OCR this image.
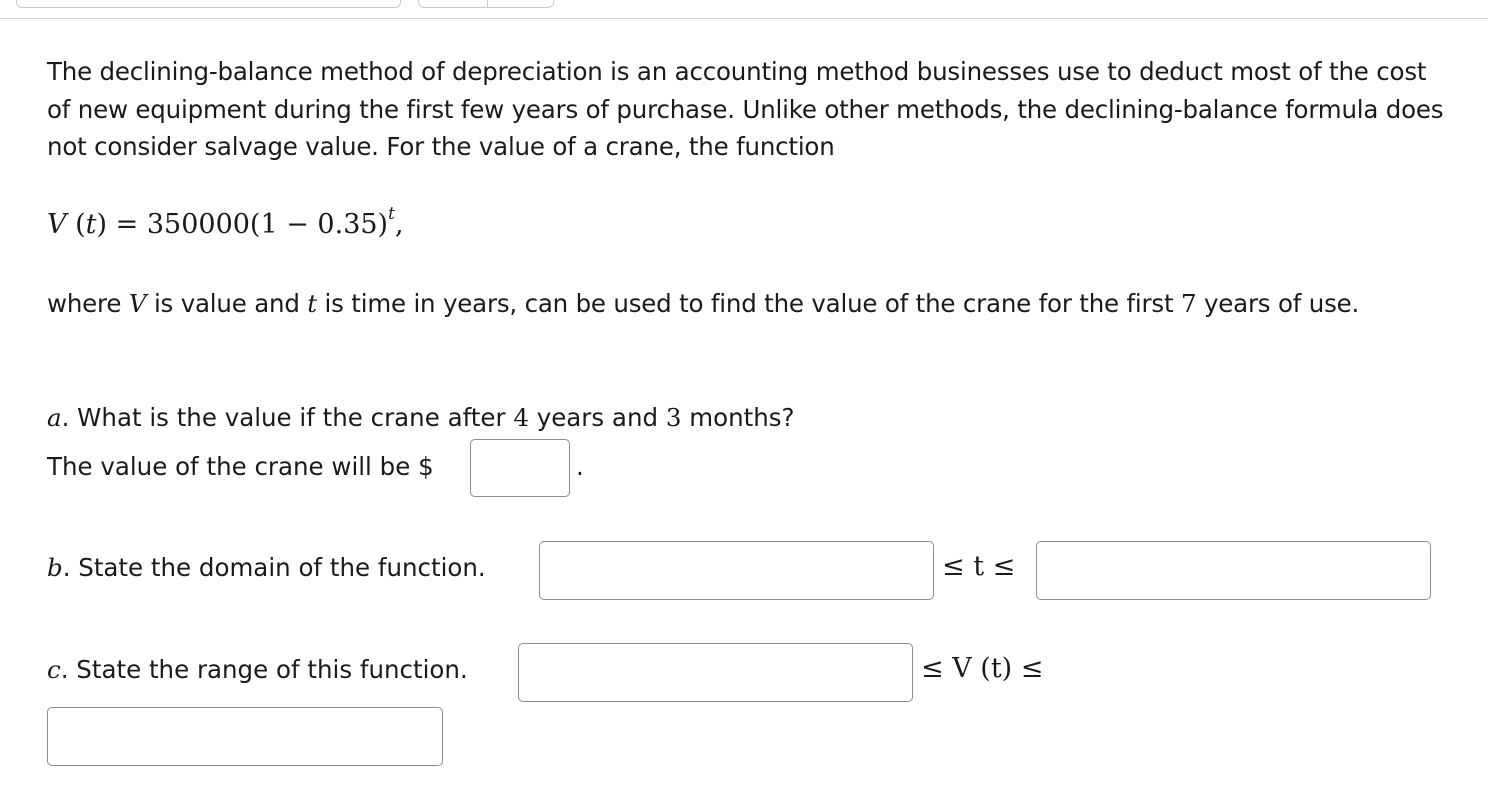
The declining-balance method of depreciation is an accounting method businesses use to deduct most of the cost of new equipment during the first few years of purchase. Unlike other methods, the declining-balance formula does not consider salvage value. For the value of a crane, the function
V $(t) = 350000(1 - 0.35)^t$,
where V is value and t is time in years, can be used to find the value of the crane for the first 7 years of use.
a. What is the value if the crane after 4 years and 3 months?
The value of the crane will be $	.
b. State the domain of the function.	≤ t ≤
c. State the range of this function.	≤ V (t) ≤
